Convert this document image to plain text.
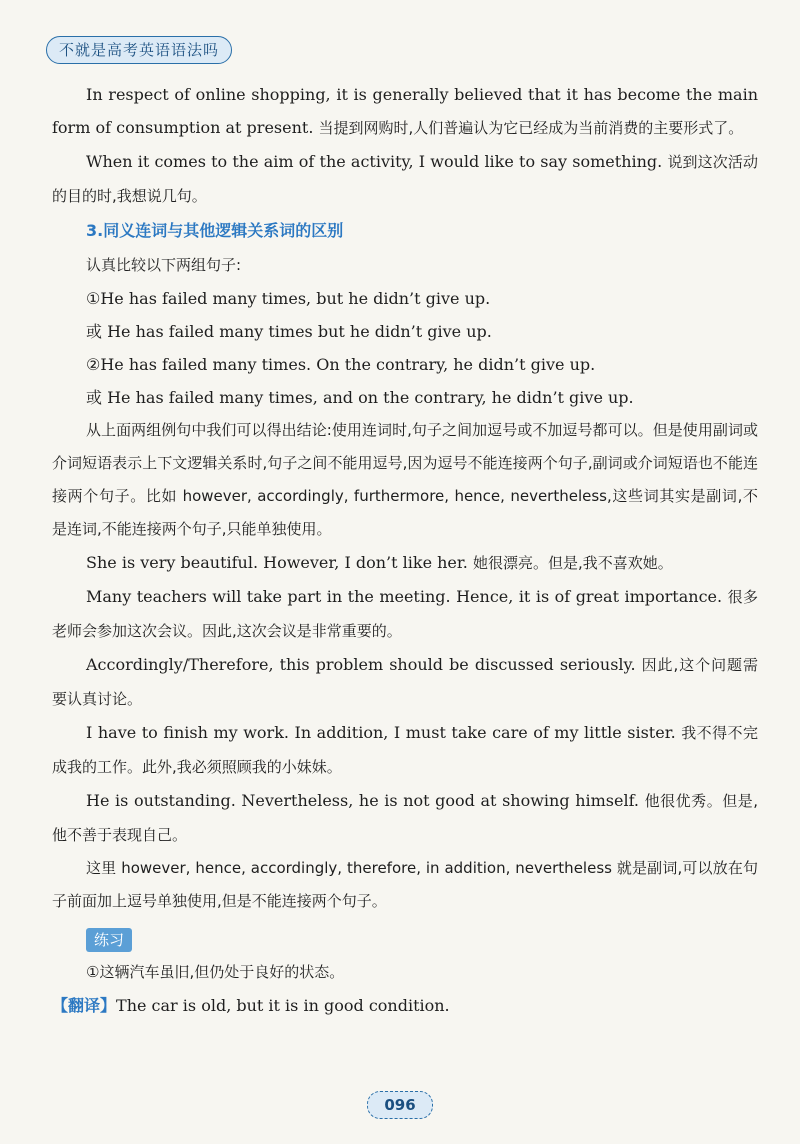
不就是高考英语语法吗

In respect of online shopping, it is generally believed that it has become the main form of consumption at present. 当提到网购时,人们普遍认为它已经成为当前消费的主要形式了。

When it comes to the aim of the activity, I would like to say something. 说到这次活动的目的时,我想说几句。

3.同义连词与其他逻辑关系词的区别

认真比较以下两组句子:

①He has failed many times, but he didn’t give up.

或 He has failed many times but he didn’t give up.

②He has failed many times. On the contrary, he didn’t give up.

或 He has failed many times, and on the contrary, he didn’t give up.

从上面两组例句中我们可以得出结论:使用连词时,句子之间加逗号或不加逗号都可以。但是使用副词或介词短语表示上下文逻辑关系时,句子之间不能用逗号,因为逗号不能连接两个句子,副词或介词短语也不能连接两个句子。比如 however, accordingly, furthermore, hence, nevertheless,这些词其实是副词,不是连词,不能连接两个句子,只能单独使用。

She is very beautiful. However, I don’t like her. 她很漂亮。但是,我不喜欢她。

Many teachers will take part in the meeting. Hence, it is of great importance. 很多老师会参加这次会议。因此,这次会议是非常重要的。

Accordingly/Therefore, this problem should be discussed seriously. 因此,这个问题需要认真讨论。

I have to finish my work. In addition, I must take care of my little sister. 我不得不完成我的工作。此外,我必须照顾我的小妹妹。

He is outstanding. Nevertheless, he is not good at showing himself. 他很优秀。但是,他不善于表现自己。

这里 however, hence, accordingly, therefore, in addition, nevertheless 就是副词,可以放在句子前面加上逗号单独使用,但是不能连接两个句子。

练习

①这辆汽车虽旧,但仍处于良好的状态。

【翻译】The car is old, but it is in good condition.

096
